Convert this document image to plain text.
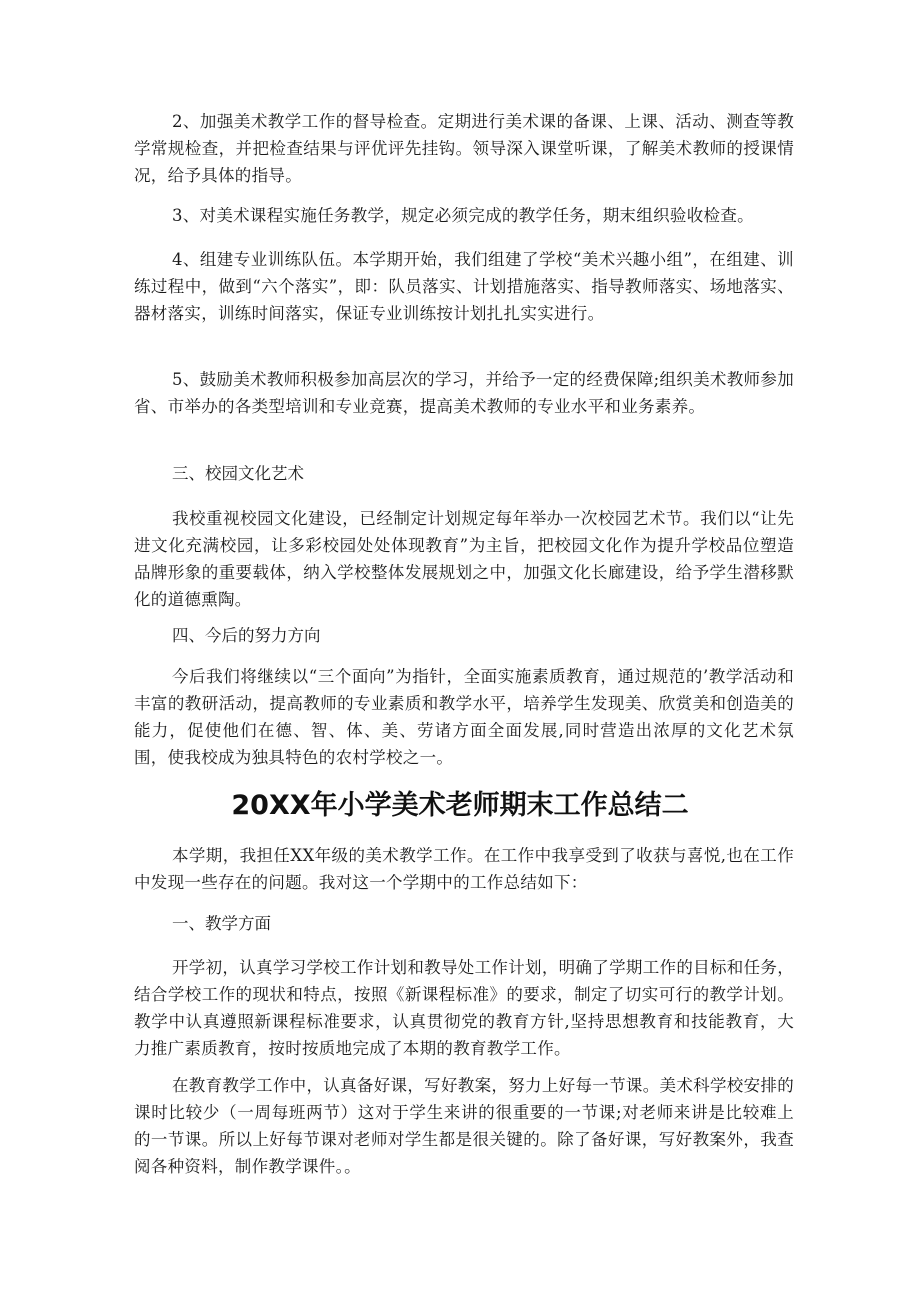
2、加强美术教学工作的督导检查。定期进行美术课的备课、上课、活动、测查等教学常规检查，并把检查结果与评优评先挂钩。领导深入课堂听课，了解美术教师的授课情况，给予具体的指导。

3、对美术课程实施任务教学，规定必须完成的教学任务，期末组织验收检查。

4、组建专业训练队伍。本学期开始，我们组建了学校“美术兴趣小组”，在组建、训练过程中，做到“六个落实”，即：队员落实、计划措施落实、指导教师落实、场地落实、器材落实，训练时间落实，保证专业训练按计划扎扎实实进行。

5、鼓励美术教师积极参加高层次的学习，并给予一定的经费保障;组织美术教师参加省、市举办的各类型培训和专业竞赛，提高美术教师的专业水平和业务素养。

三、校园文化艺术

我校重视校园文化建设，已经制定计划规定每年举办一次校园艺术节。我们以“让先进文化充满校园，让多彩校园处处体现教育”为主旨，把校园文化作为提升学校品位塑造品牌形象的重要载体，纳入学校整体发展规划之中，加强文化长廊建设，给予学生潜移默化的道德熏陶。

四、今后的努力方向

今后我们将继续以“三个面向”为指针，全面实施素质教育，通过规范的’教学活动和丰富的教研活动，提高教师的专业素质和教学水平，培养学生发现美、欣赏美和创造美的能力，促使他们在德、智、体、美、劳诸方面全面发展,同时营造出浓厚的文化艺术氛围，使我校成为独具特色的农村学校之一。

20XX年小学美术老师期末工作总结二

本学期，我担任XX年级的美术教学工作。在工作中我享受到了收获与喜悦,也在工作中发现一些存在的问题。我对这一个学期中的工作总结如下：

一、教学方面

开学初，认真学习学校工作计划和教导处工作计划，明确了学期工作的目标和任务，结合学校工作的现状和特点，按照《新课程标准》的要求，制定了切实可行的教学计划。教学中认真遵照新课程标准要求，认真贯彻党的教育方针,坚持思想教育和技能教育，大力推广素质教育，按时按质地完成了本期的教育教学工作。

在教育教学工作中，认真备好课，写好教案，努力上好每一节课。美术科学校安排的课时比较少（一周每班两节）这对于学生来讲的很重要的一节课;对老师来讲是比较难上的一节课。所以上好每节课对老师对学生都是很关键的。除了备好课，写好教案外，我查阅各种资料，制作教学课件。。
